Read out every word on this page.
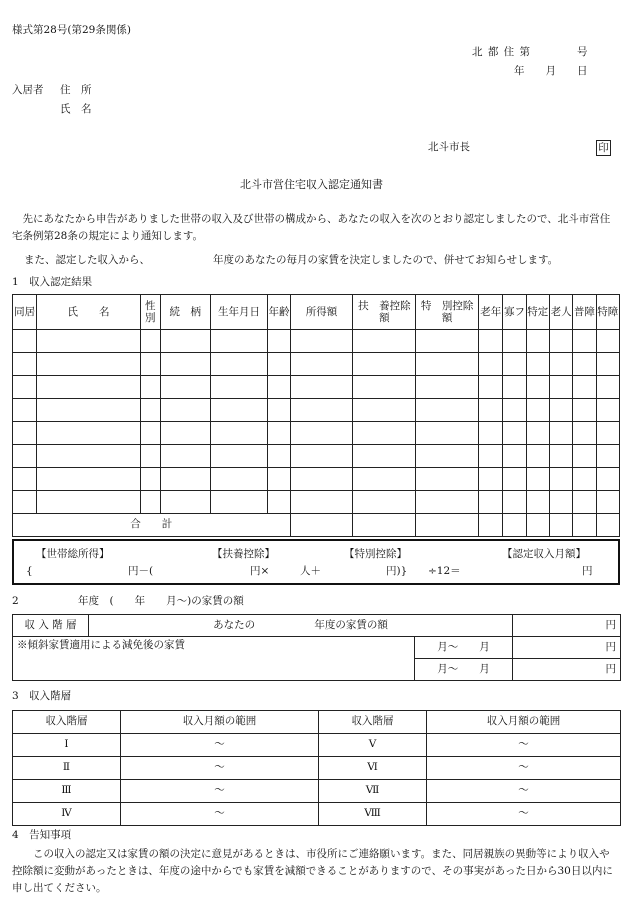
様式第28号(第29条関係)
北 都 住 第　　　　号
年　　月　　日
入居者 住　所
氏　名
北斗市長	印
北斗市営住宅収入認定通知書
先にあなたから申告がありました世帯の収入及び世帯の構成から、あなたの収入を次のとおり認定しましたので、北斗市営住宅条例第28条の規定により通知します。
また、認定した収入から、	年度のあなたの毎月の家賃を決定しましたので、併せてお知らせします。
1　収入認定結果
同居	氏　　名	性別	続　柄	生年月日	年齢	所得額	扶　養控除額	特　別控除額	老年	寡フ	特定	老人	普障	特障

合　　計														
【世帯総所得】	【扶養控除】	【特別控除】	【認定収入月額】
{	円－(	円×	人＋	円)} ÷12＝	円
2	年度　(　　年　　月～)の家賃の額
収 入 階 層	あなたの 年度の家賃の額		円
※傾斜家賃適用による減免後の家賃		月～　　月	円
		月～　　月	円
3　収入階層
収入階層	収入月額の範囲	収入階層	収入月額の範囲
Ⅰ	～	Ⅴ	～
Ⅱ	～	Ⅵ	～
Ⅲ	～	Ⅶ	～
Ⅳ	～	Ⅷ	～
4　告知事項
この収入の認定又は家賃の額の決定に意見があるときは、市役所にご連絡願います。また、同居親族の異動等により収入や控除額に変動があったときは、年度の途中からでも家賃を減額できることがありますので、その事実があった日から30日以内に申し出てください。
